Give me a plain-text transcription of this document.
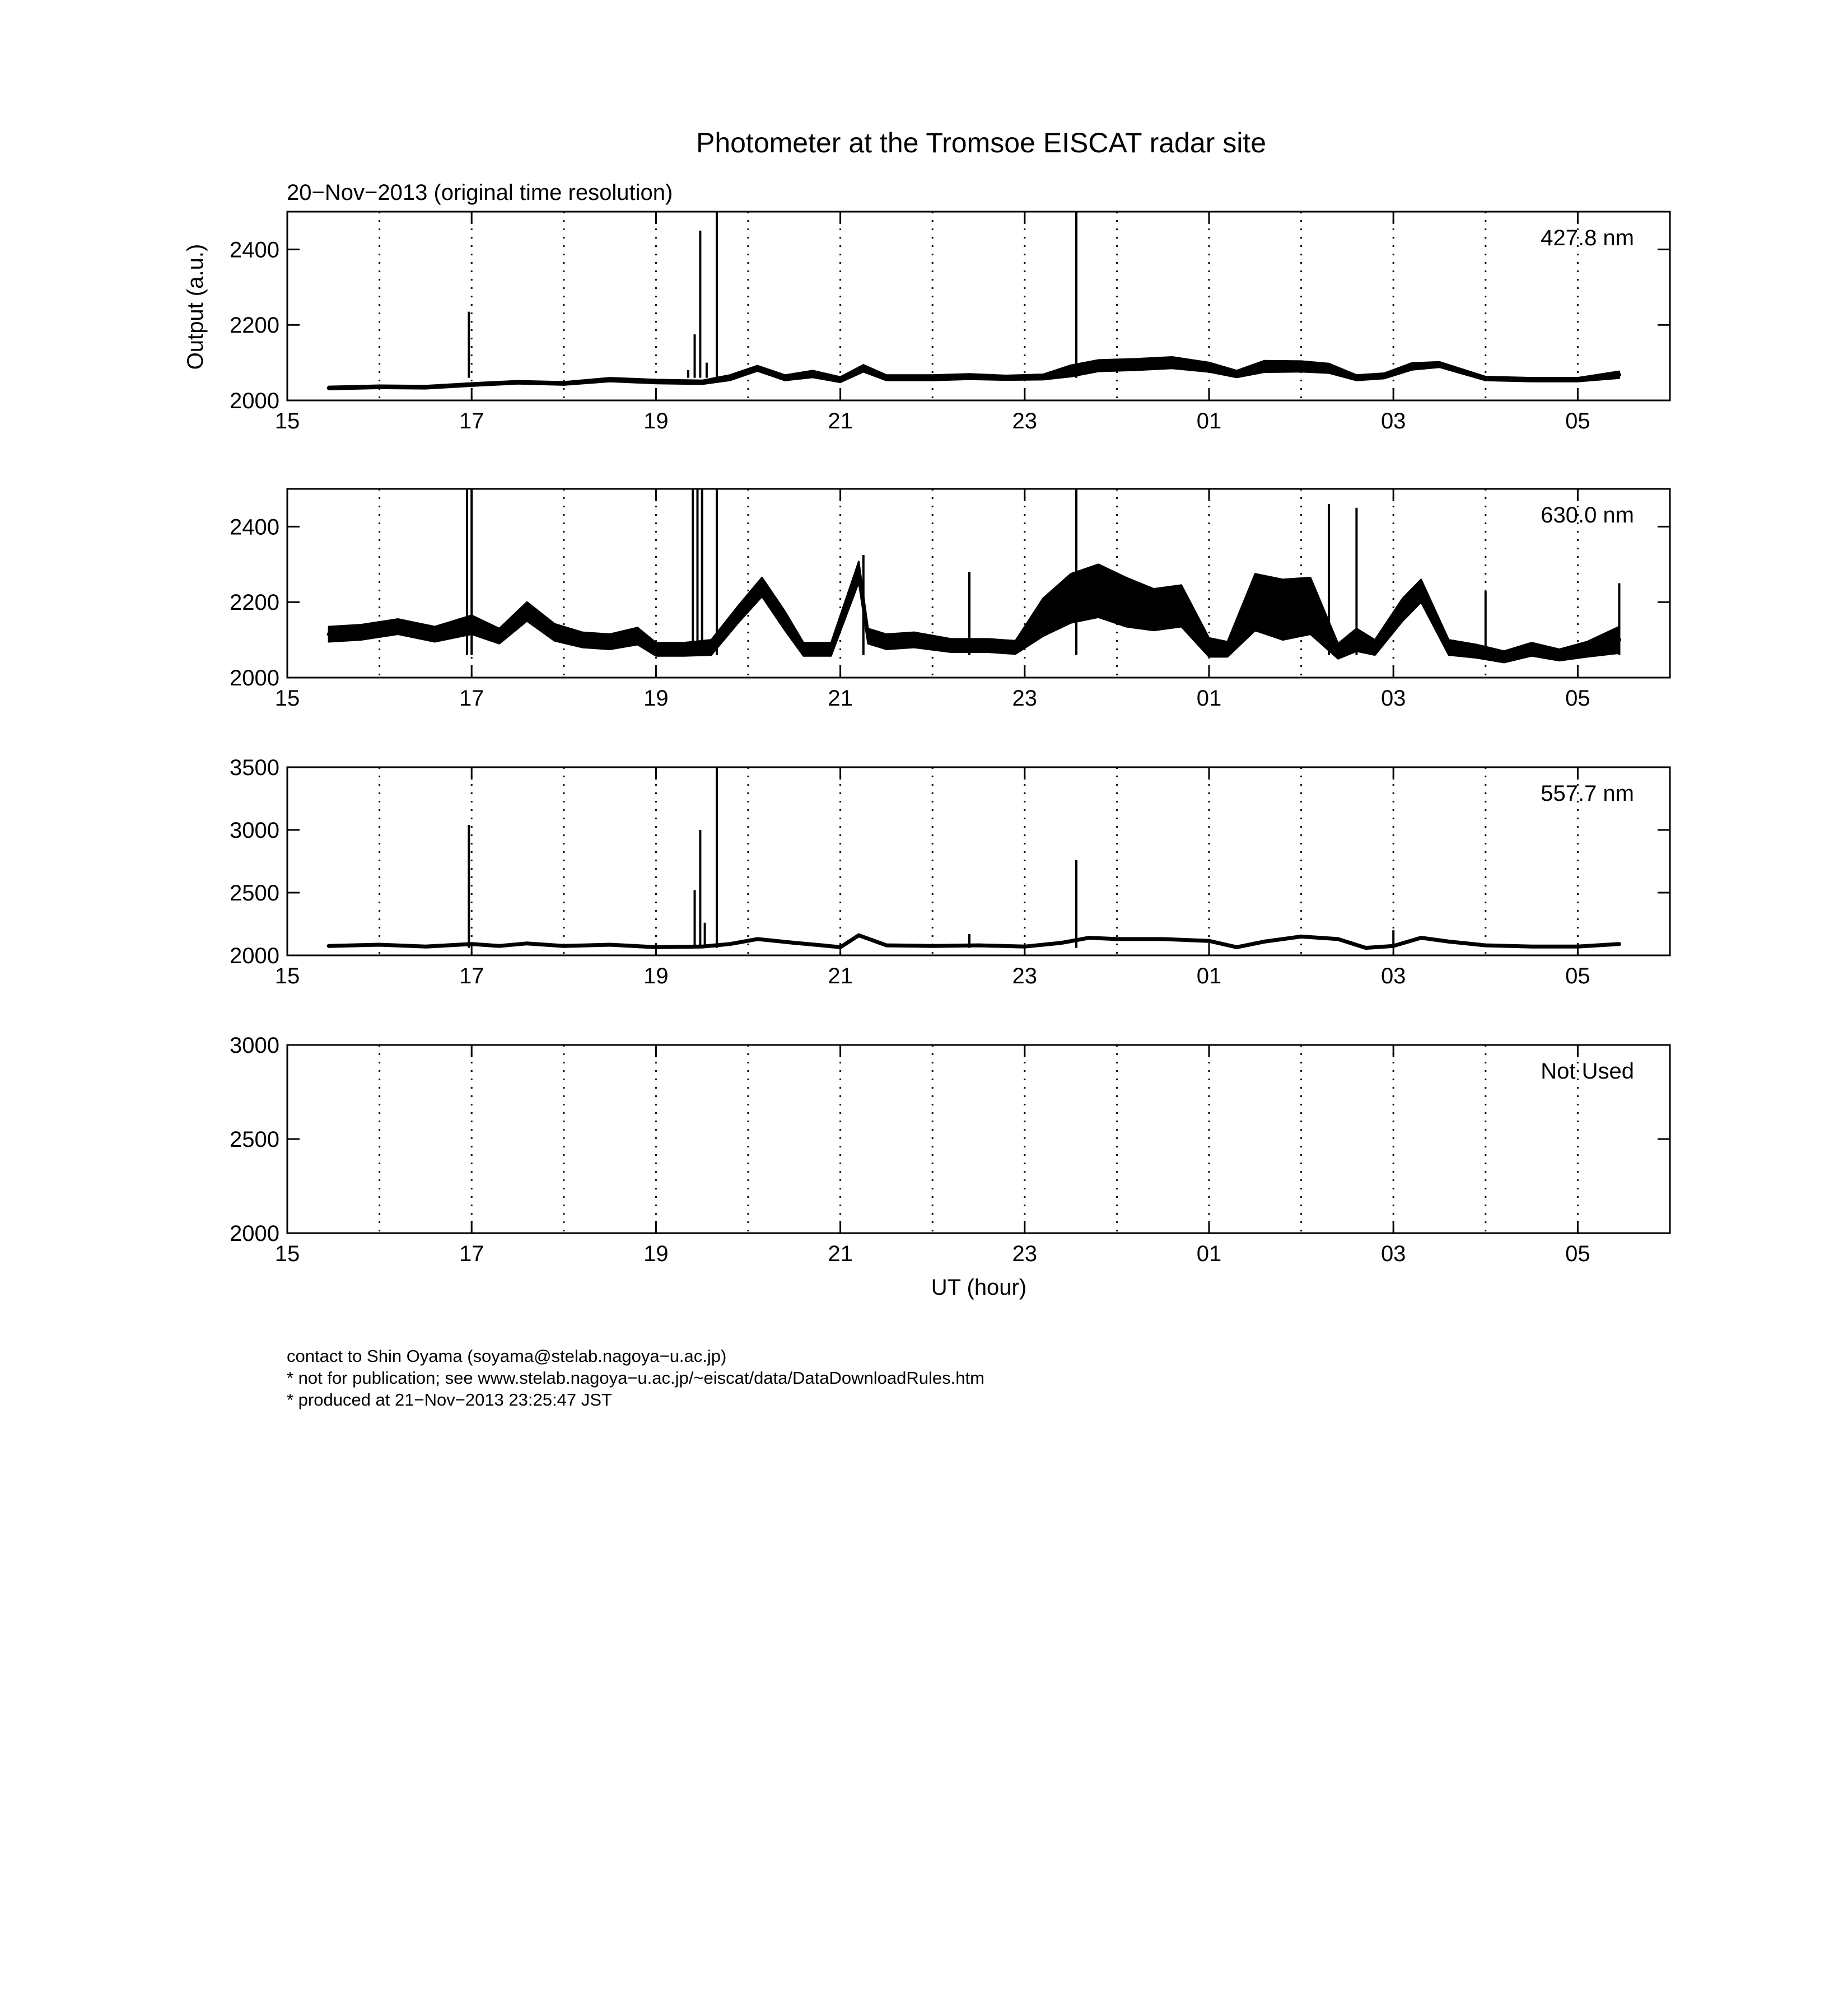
Photometer at the Tromsoe EISCAT radar site
20−Nov−2013 (original time resolution)
Output (a.u.)
UT (hour)
15	17	19	21	23	01	03	05
2000
2200
2400	427.8 nm
15	17	19	21	23	01	03	05
2000
2200
2400	630.0 nm
15	17	19	21	23	01	03	05
2000
2500
3000
3500
557.7 nm
15	17	19	21	23	01	03	05
2000
2500
3000
Not Used
contact to Shin Oyama (soyama@stelab.nagoya−u.ac.jp)
* not for publication; see www.stelab.nagoya−u.ac.jp/~eiscat/data/DataDownloadRules.htm
* produced at 21−Nov−2013 23:25:47 JST
